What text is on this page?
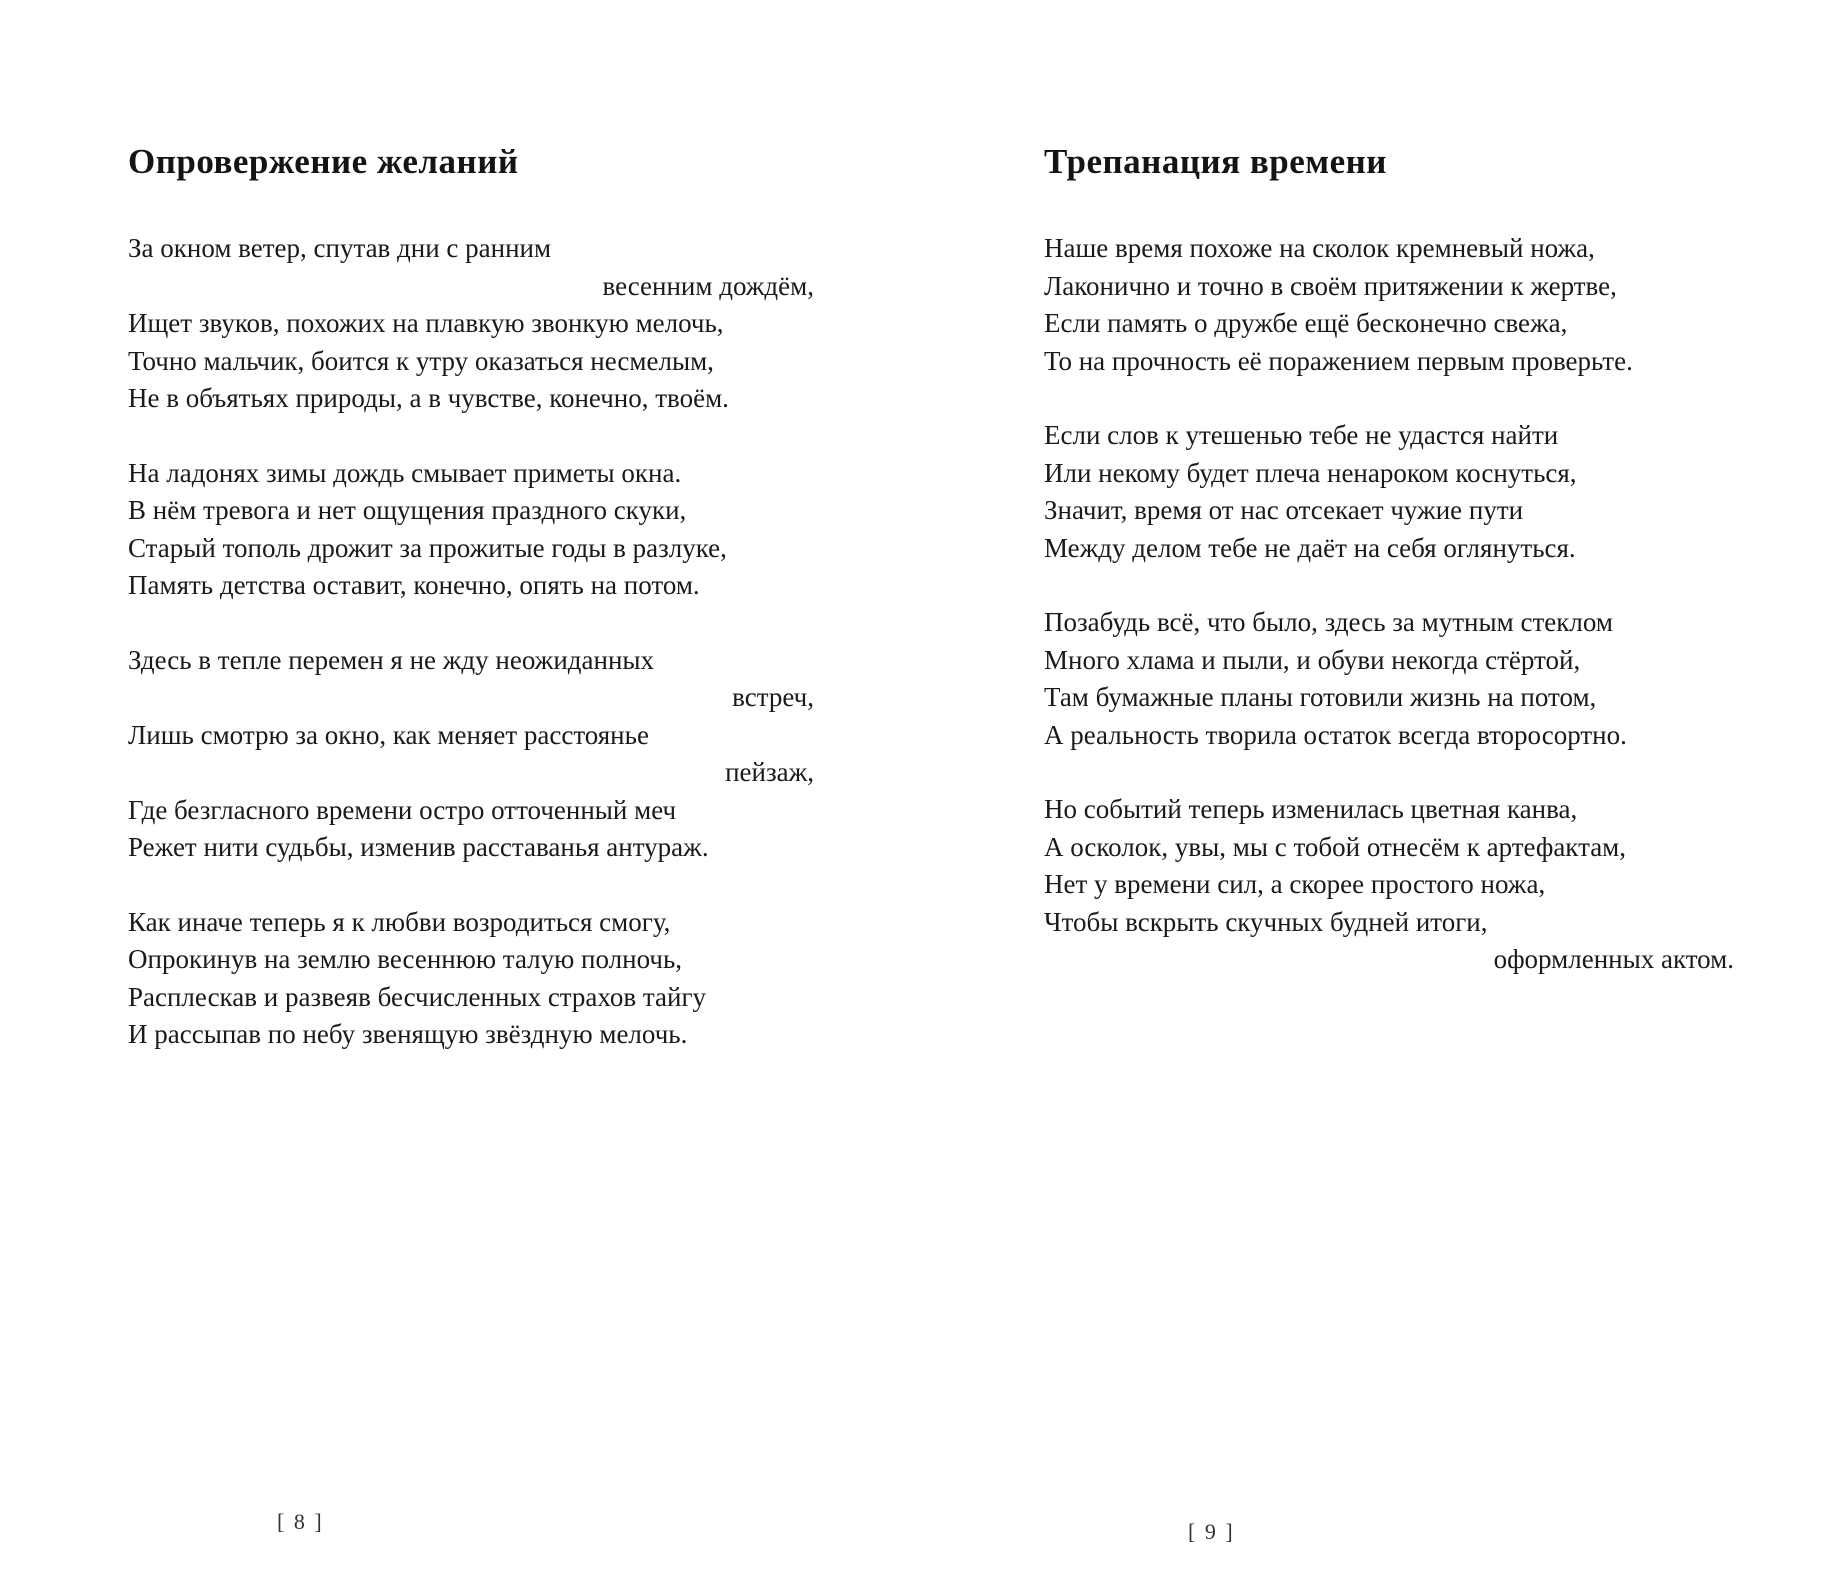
Опровержение желаний
За окном ветер, спутав дни с ранним
весенним дождём,
Ищет звуков, похожих на плавкую звонкую мелочь,
Точно мальчик, боится к утру оказаться несмелым,
Не в объятьях природы, а в чувстве, конечно, твоём.
На ладонях зимы дождь смывает приметы окна.
В нём тревога и нет ощущения праздного скуки,
Старый тополь дрожит за прожитые годы в разлуке,
Память детства оставит, конечно, опять на потом.
Здесь в тепле перемен я не жду неожиданных
встреч,
Лишь смотрю за окно, как меняет расстоянье
пейзаж,
Где безгласного времени остро отточенный меч
Режет нити судьбы, изменив расставанья антураж.
Как иначе теперь я к любви возродиться смогу,
Опрокинув на землю весеннюю талую полночь,
Расплескав и развеяв бесчисленных страхов тайгу
И рассыпав по небу звенящую звёздную мелочь.
[ 8 ]
Трепанация времени
Наше время похоже на сколок кремневый ножа,
Лаконично и точно в своём притяжении к жертве,
Если память о дружбе ещё бесконечно свежа,
То на прочность её поражением первым проверьте.
Если слов к утешенью тебе не удастся найти
Или некому будет плеча ненароком коснуться,
Значит, время от нас отсекает чужие пути
Между делом тебе не даёт на себя оглянуться.
Позабудь всё, что было, здесь за мутным стеклом
Много хлама и пыли, и обуви некогда стёртой,
Там бумажные планы готовили жизнь на потом,
А реальность творила остаток всегда второсортно.
Но событий теперь изменилась цветная канва,
А осколок, увы, мы с тобой отнесём к артефактам,
Нет у времени сил, а скорее простого ножа,
Чтобы вскрыть скучных будней итоги,
оформленных актом.
[ 9 ]
